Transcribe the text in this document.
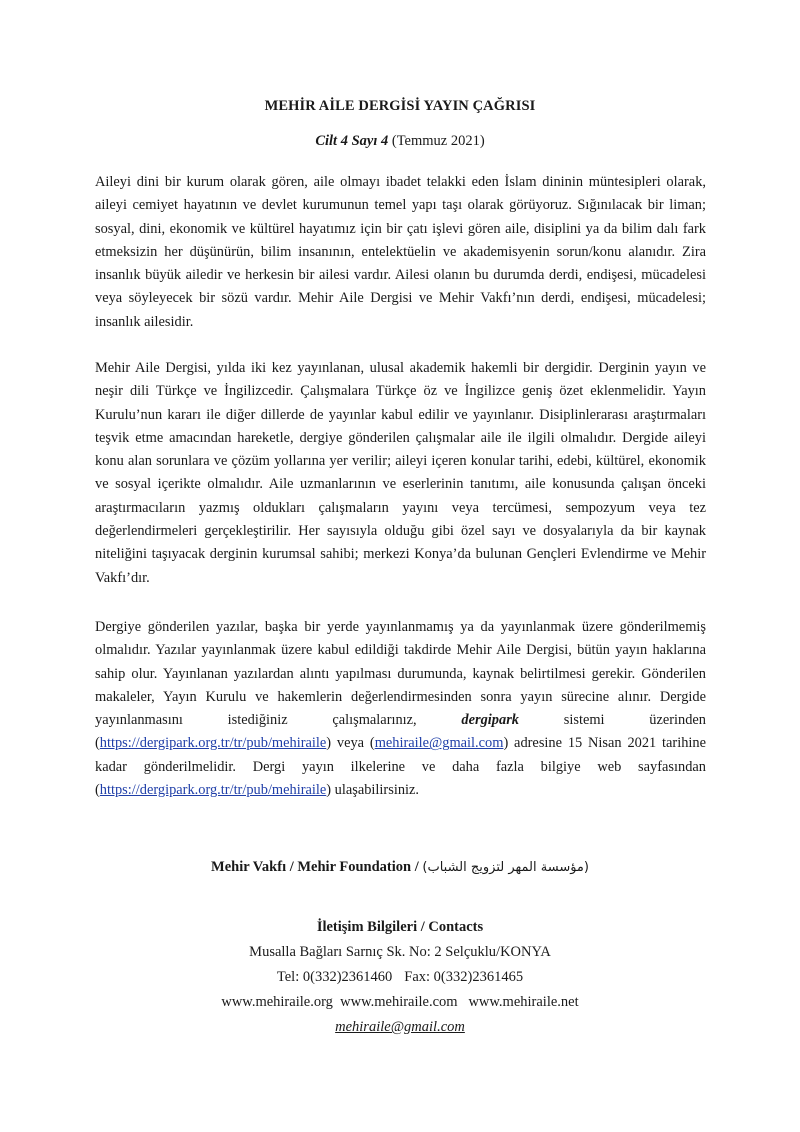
MEHİR AİLE DERGİSİ YAYIN ÇAĞRISI
Cilt 4 Sayı 4 (Temmuz 2021)

Aileyi dini bir kurum olarak gören, aile olmayı ibadet telakki eden İslam dininin müntesipleri olarak, aileyi cemiyet hayatının ve devlet kurumunun temel yapı taşı olarak görüyoruz. Sığınılacak bir liman; sosyal, dini, ekonomik ve kültürel hayatımız için bir çatı işlevi gören aile, disiplini ya da bilim dalı fark etmeksizin her düşünürün, bilim insanının, entelektüelin ve akademisyenin sorun/konu alanıdır. Zira insanlık büyük ailedir ve herkesin bir ailesi vardır. Ailesi olanın bu durumda derdi, endişesi, mücadelesi veya söyleyecek bir sözü vardır. Mehir Aile Dergisi ve Mehir Vakfı’nın derdi, endişesi, mücadelesi; insanlık ailesidir.

Mehir Aile Dergisi, yılda iki kez yayınlanan, ulusal akademik hakemli bir dergidir. Derginin yayın ve neşir dili Türkçe ve İngilizcedir. Çalışmalara Türkçe öz ve İngilizce geniş özet eklenmelidir. Yayın Kurulu’nun kararı ile diğer dillerde de yayınlar kabul edilir ve yayınlanır. Disiplinlerarası araştırmaları teşvik etme amacından hareketle, dergiye gönderilen çalışmalar aile ile ilgili olmalıdır. Dergide aileyi konu alan sorunlara ve çözüm yollarına yer verilir; aileyi içeren konular tarihi, edebi, kültürel, ekonomik ve sosyal içerikte olmalıdır. Aile uzmanlarının ve eserlerinin tanıtımı, aile konusunda çalışan önceki araştırmacıların yazmış oldukları çalışmaların yayını veya tercümesi, sempozyum veya tez değerlendirmeleri gerçekleştirilir. Her sayısıyla olduğu gibi özel sayı ve dosyalarıyla da bir kaynak niteliğini taşıyacak derginin kurumsal sahibi; merkezi Konya’da bulunan Gençleri Evlendirme ve Mehir Vakfı’dır.

Dergiye gönderilen yazılar, başka bir yerde yayınlanmamış ya da yayınlanmak üzere gönderilmemiş olmalıdır. Yazılar yayınlanmak üzere kabul edildiği takdirde Mehir Aile Dergisi, bütün yayın haklarına sahip olur. Yayınlanan yazılardan alıntı yapılması durumunda, kaynak belirtilmesi gerekir. Gönderilen makaleler, Yayın Kurulu ve hakemlerin değerlendirmesinden sonra yayın sürecine alınır. Dergide yayınlanmasını istediğiniz çalışmalarınız,	dergipark	sistemi üzerinden (https://dergipark.org.tr/tr/pub/mehiraile) veya (mehiraile@gmail.com) adresine 15 Nisan 2021 tarihine kadar gönderilmelidir. Dergi yayın ilkelerine ve daha fazla bilgiye web sayfasından (https://dergipark.org.tr/tr/pub/mehiraile) ulaşabilirsiniz.

Mehir Vakfı / Mehir Foundation / (مؤسسة المهر لتزويج الشباب)
İletişim Bilgileri / Contacts
Musalla Bağları Sarnıç Sk. No: 2 Selçuklu/KONYA
Tel: 0(332)2361460 Fax: 0(332)2361465
www.mehiraile.org www.mehiraile.com www.mehiraile.net
mehiraile@gmail.com
